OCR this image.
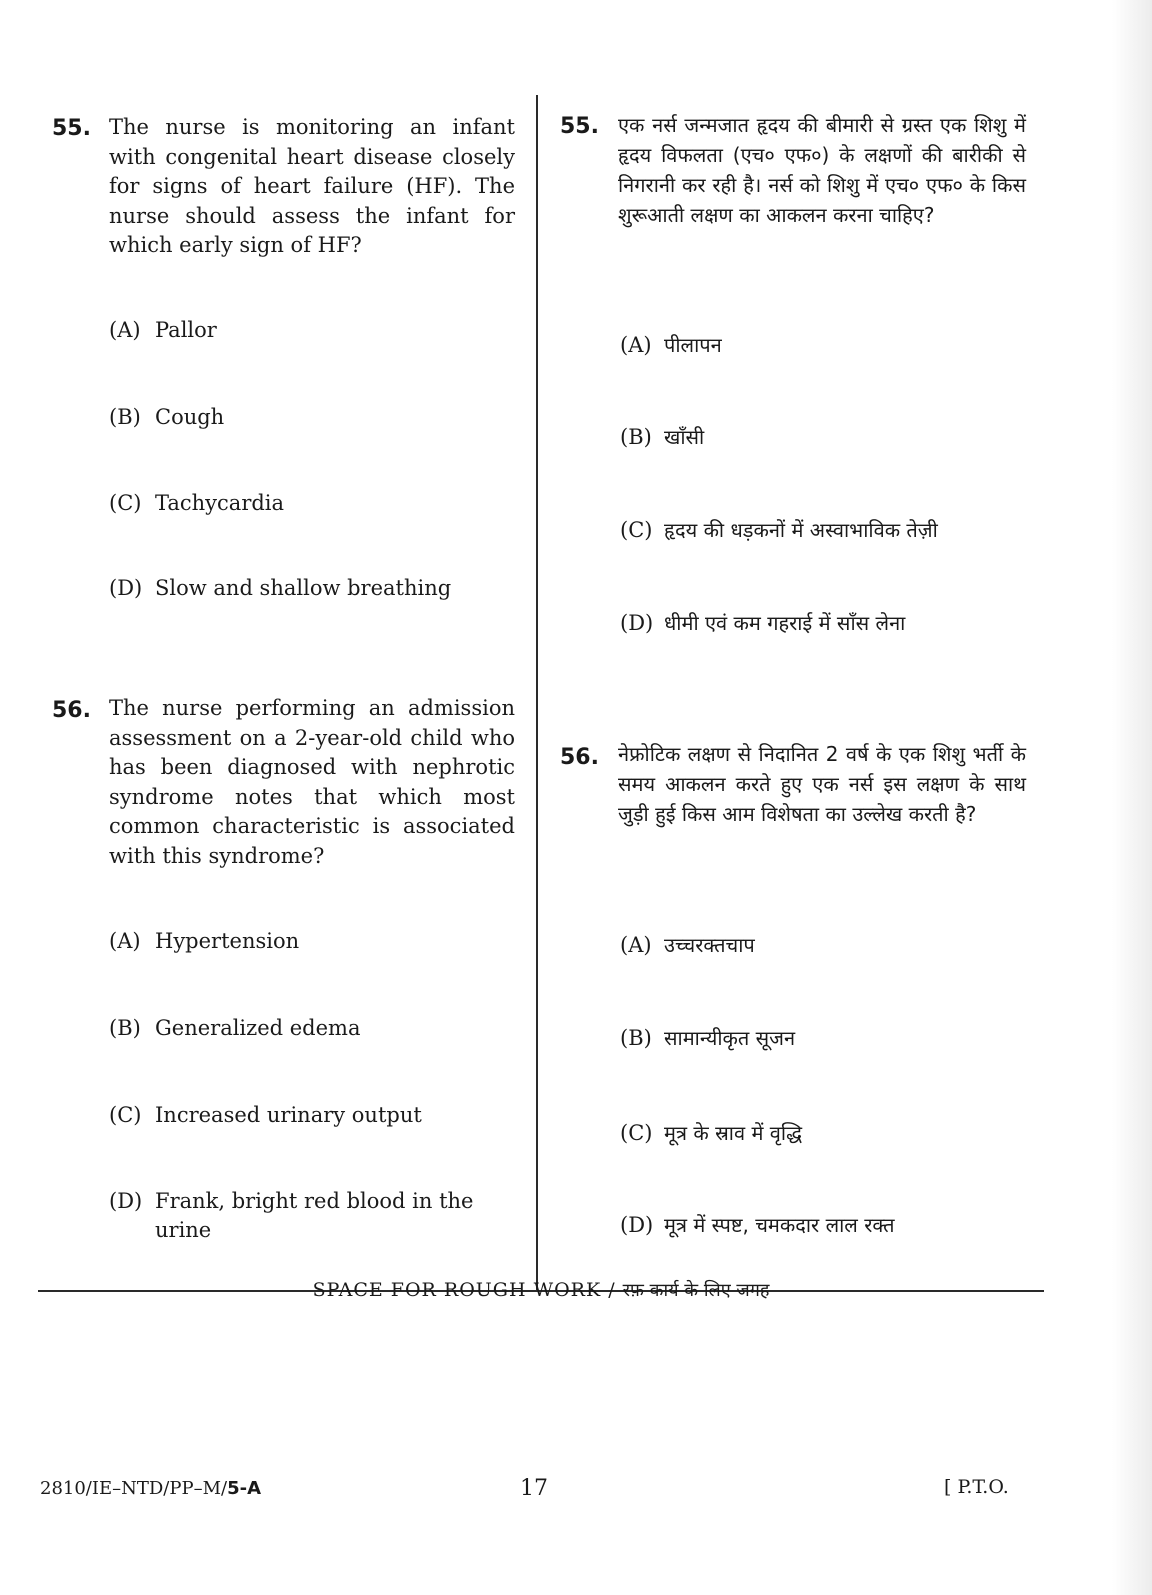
55. The nurse is monitoring an infant with congenital heart disease closely for signs of heart failure (HF). The nurse should assess the infant for which early sign of HF?
(A) Pallor
(B) Cough
(C) Tachycardia
(D) Slow and shallow breathing
56. The nurse performing an admission assessment on a 2-year-old child who has been diagnosed with nephrotic syndrome notes that which most common characteristic is associated with this syndrome?
(A) Hypertension
(B) Generalized edema
(C) Increased urinary output
(D) Frank, bright red blood in the urine
55. एक नर्स जन्मजात हृदय की बीमारी से ग्रस्त एक शिशु में हृदय विफलता (एच० एफ०) के लक्षणों की बारीकी से निगरानी कर रही है। नर्स को शिशु में एच० एफ० के किस शुरूआती लक्षण का आकलन करना चाहिए?
(A) पीलापन
(B) खाँसी
(C) हृदय की धड़कनों में अस्वाभाविक तेज़ी
(D) धीमी एवं कम गहराई में साँस लेना
56. नेफ्रोटिक लक्षण से निदानित 2 वर्ष के एक शिशु भर्ती के समय आकलन करते हुए एक नर्स इस लक्षण के साथ जुड़ी हुई किस आम विशेषता का उल्लेख करती है?
(A) उच्चरक्तचाप
(B) सामान्यीकृत सूजन
(C) मूत्र के स्राव में वृद्धि
(D) मूत्र में स्पष्ट, चमकदार लाल रक्त
SPACE FOR ROUGH WORK / रफ़ कार्य के लिए जगह
2810/IE–NTD/PP–M/5-A	17	[ P.T.O.
